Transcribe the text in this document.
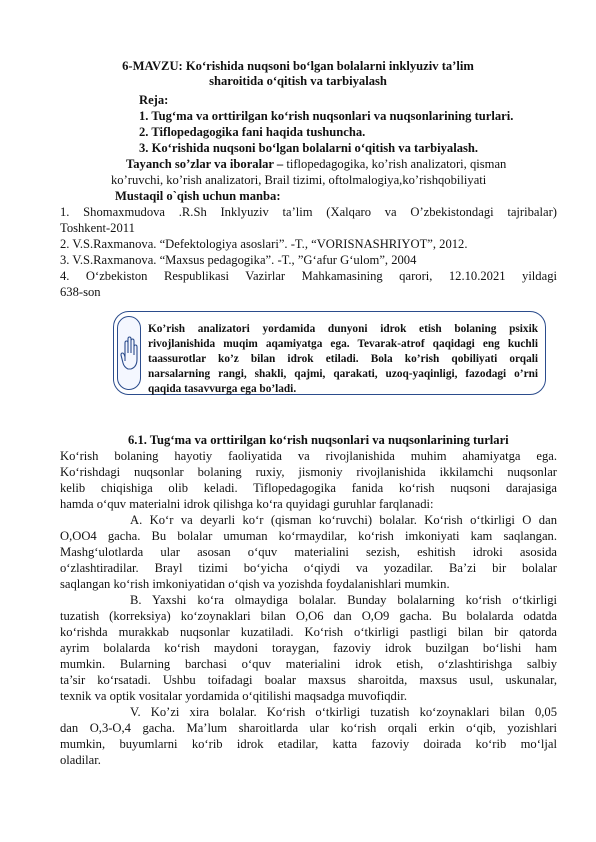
6-MAVZU: Ko‘rishida nuqsoni bo‘lgan bolalarni inklyuziv ta’lim
sharoitida o‘qitish va tarbiyalash
Reja:
1. Tug‘ma va orttirilgan ko‘rish nuqsonlari va nuqsonlarining turlari.
2. Tiflopedagogika fani haqida tushuncha.
3. Ko‘rishida nuqsoni bo‘lgan bolalarni o‘qitish va tarbiyalash.
Tayanch so’zlar va iboralar – tiflopedagogika, ko’rish analizatori, qisman
ko’ruvchi, ko’rish analizatori, Brail tizimi, oftolmalogiya,ko’rishqobiliyati
Mustaqil o`qish uchun manba:
1. Shomaxmudova .R.Sh Inklyuziv ta’lim (Xalqaro va O’zbekistondagi tajribalar)
Toshkent-2011
2. V.S.Raxmanova. “Defektologiya asoslari”. -T., “VORISNASHRIYOT”, 2012.
3. V.S.Raxmanova. “Maxsus pedagogika”. -T., ”G‘afur G‘ulom”, 2004
4. O‘zbekiston Respublikasi Vazirlar Mahkamasining qarori, 12.10.2021 yildagi
638-son
Ko’rish analizatori yordamida dunyoni idrok etish bolaning psixik
rivojlanishida muqim aqamiyatga ega. Tevarak-atrof qaqidagi eng kuchli
taassurotlar ko’z bilan idrok etiladi. Bola ko’rish qobiliyati orqali
narsalarning rangi, shakli, qajmi, qarakati, uzoq-yaqinligi, fazodagi o’rni
qaqida tasavvurga ega bo’ladi.
6.1. Tug‘ma va orttirilgan ko‘rish nuqsonlari va nuqsonlarining turlari
Ko‘rish bolaning hayotiy faoliyatida va rivojlanishida muhim ahamiyatga ega.
Ko‘rishdagi nuqsonlar bolaning ruxiy, jismoniy rivojlanishida ikkilamchi nuqsonlar
kelib chiqishiga olib keladi. Tiflopedagogika fanida ko‘rish nuqsoni darajasiga
hamda o‘quv materialni idrok qilishga ko‘ra quyidagi guruhlar farqlanadi:
A. Ko‘r va deyarli ko‘r (qisman ko‘ruvchi) bolalar. Ko‘rish o‘tkirligi O dan
O,OO4 gacha. Bu bolalar umuman ko‘rmaydilar, ko‘rish imkoniyati kam saqlangan.
Mashg‘ulotlarda ular asosan o‘quv materialini sezish, eshitish idroki asosida
o‘zlashtiradilar. Brayl tizimi bo‘yicha o‘qiydi va yozadilar. Ba’zi bir bolalar
saqlangan ko‘rish imkoniyatidan o‘qish va yozishda foydalanishlari mumkin.
B. Yaxshi ko‘ra olmaydiga bolalar. Bunday bolalarning ko‘rish o‘tkirligi
tuzatish (korreksiya) ko‘zoynaklari bilan O,O6 dan O,O9 gacha. Bu bolalarda odatda
ko‘rishda murakkab nuqsonlar kuzatiladi. Ko‘rish o‘tkirligi pastligi bilan bir qatorda
ayrim bolalarda ko‘rish maydoni toraygan, fazoviy idrok buzilgan bo‘lishi ham
mumkin. Bularning barchasi o‘quv materialini idrok etish, o‘zlashtirishga salbiy
ta’sir ko‘rsatadi. Ushbu toifadagi boalar maxsus sharoitda, maxsus usul, uskunalar,
texnik va optik vositalar yordamida o‘qitilishi maqsadga muvofiqdir.
V. Ko’zi xira bolalar. Ko‘rish o‘tkirligi tuzatish ko‘zoynaklari bilan 0,05
dan O,3-O,4 gacha. Ma’lum sharoitlarda ular ko‘rish orqali erkin o‘qib, yozishlari
mumkin, buyumlarni ko‘rib idrok etadilar, katta fazoviy doirada ko‘rib mo‘ljal
oladilar.
